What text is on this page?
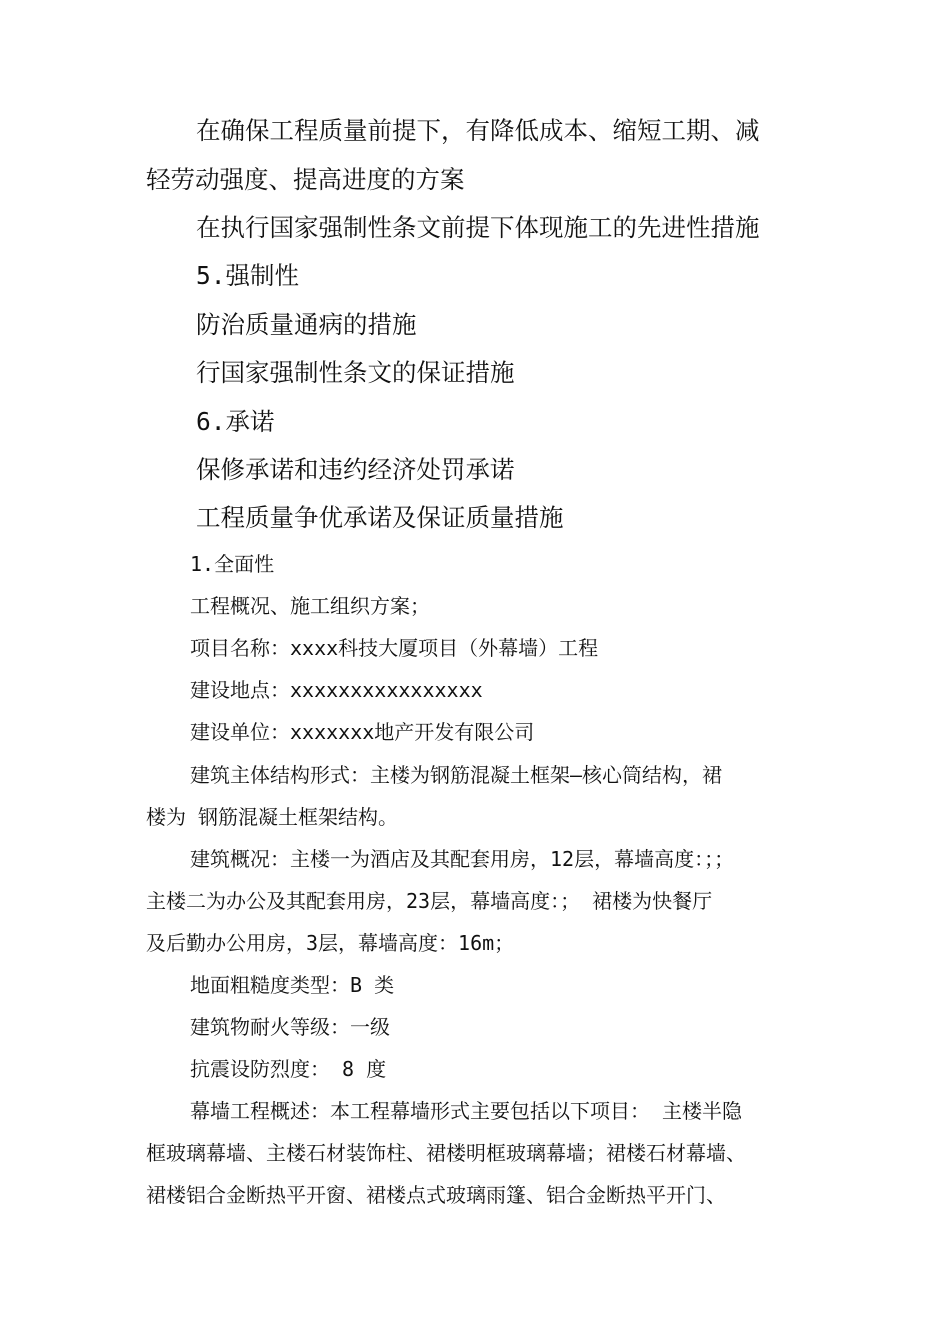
在确保工程质量前提下，有降低成本、缩短工期、减
轻劳动强度、提高进度的方案
在执行国家强制性条文前提下体现施工的先进性措施
5.强制性
防治质量通病的措施
行国家强制性条文的保证措施
6.承诺
保修承诺和违约经济处罚承诺
工程质量争优承诺及保证质量措施
1.全面性
工程概况、施工组织方案；
项目名称：xxxx科技大厦项目（外幕墙）工程
建设地点：xxxxxxxxxxxxxxxx
建设单位：xxxxxxx地产开发有限公司
建筑主体结构形式：主楼为钢筋混凝土框架—核心筒结构，裙
楼为 钢筋混凝土框架结构。
建筑概况：主楼一为酒店及其配套用房，12层，幕墙高度：；；
主楼二为办公及其配套用房，23层，幕墙高度：； 裙楼为快餐厅
及后勤办公用房，3层，幕墙高度：16m；
地面粗糙度类型：B 类
建筑物耐火等级：一级
抗震设防烈度： 8 度
幕墙工程概述：本工程幕墙形式主要包括以下项目： 主楼半隐
框玻璃幕墙、主楼石材装饰柱、裙楼明框玻璃幕墙；裙楼石材幕墙、
裙楼铝合金断热平开窗、裙楼点式玻璃雨篷、铝合金断热平开门、
